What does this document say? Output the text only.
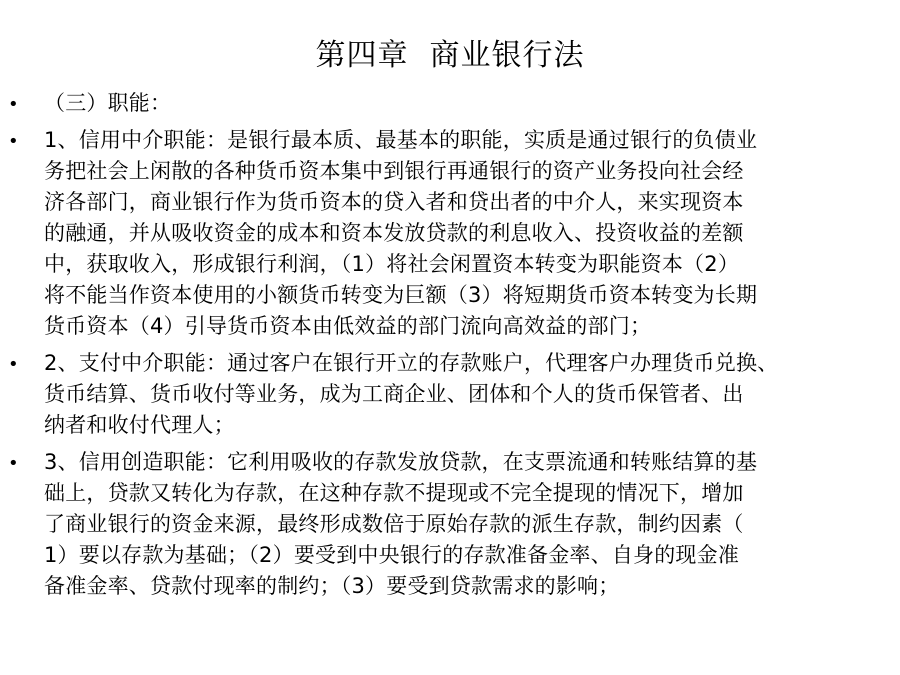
第四章  商业银行法
• （三）职能：
• 1、信用中介职能：是银行最本质、最基本的职能，实质是通过银行的负债业
务把社会上闲散的各种货币资本集中到银行再通银行的资产业务投向社会经
济各部门，商业银行作为货币资本的贷入者和贷出者的中介人，来实现资本
的融通，并从吸收资金的成本和资本发放贷款的利息收入、投资收益的差额
中，获取收入，形成银行利润，（1）将社会闲置资本转变为职能资本（2）
将不能当作资本使用的小额货币转变为巨额（3）将短期货币资本转变为长期
货币资本（4）引导货币资本由低效益的部门流向高效益的部门；
• 2、支付中介职能：通过客户在银行开立的存款账户，代理客户办理货币兑换、
货币结算、货币收付等业务，成为工商企业、团体和个人的货币保管者、出
纳者和收付代理人；
• 3、信用创造职能：它利用吸收的存款发放贷款，在支票流通和转账结算的基
础上，贷款又转化为存款，在这种存款不提现或不完全提现的情况下，增加
了商业银行的资金来源，最终形成数倍于原始存款的派生存款，制约因素（
1）要以存款为基础；（2）要受到中央银行的存款准备金率、自身的现金准
备准金率、贷款付现率的制约；（3）要受到贷款需求的影响；
